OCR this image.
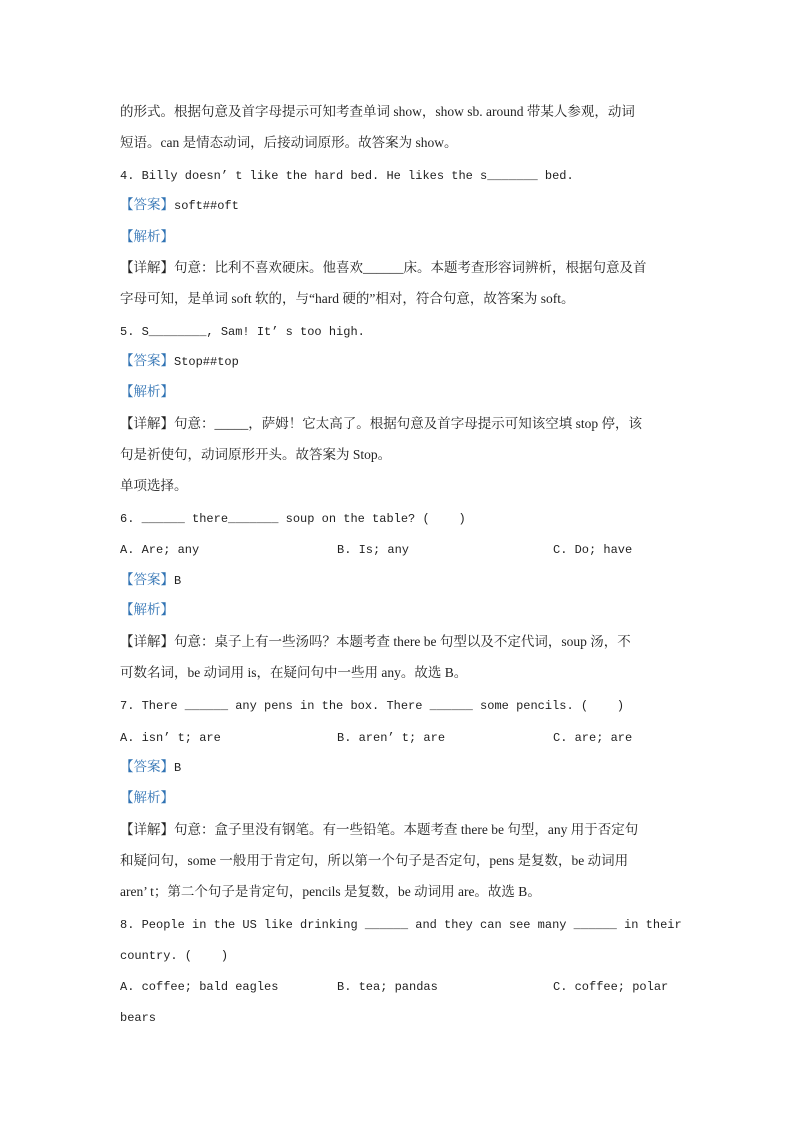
的形式。根据句意及首字母提示可知考查单词 show，show sb. around 带某人参观，动词
短语。can 是情态动词，后接动词原形。故答案为 show。
4. Billy doesn’ t like the hard bed. He likes the s_______ bed.
【答案】soft##oft
【解析】
【详解】句意：比利不喜欢硬床。他喜欢______床。本题考查形容词辨析，根据句意及首
字母可知，是单词 soft 软的，与“hard 硬的”相对，符合句意，故答案为 soft。
5. S________, Sam! It’ s too high.
【答案】Stop##top
【解析】
【详解】句意：_____，萨姆！它太高了。根据句意及首字母提示可知该空填 stop 停，该
句是祈使句，动词原形开头。故答案为 Stop。
单项选择。
6. ______ there_______ soup on the table? (    )
A. Are; any	B. Is; any	C. Do; have
【答案】B
【解析】
【详解】句意：桌子上有一些汤吗？本题考查 there be 句型以及不定代词，soup 汤，不
可数名词，be 动词用 is，在疑问句中一些用 any。故选 B。
7. There ______ any pens in the box. There ______ some pencils. (    )
A. isn’ t; are	B. aren’ t; are	C. are; are
【答案】B
【解析】
【详解】句意：盒子里没有钢笔。有一些铅笔。本题考查 there be 句型，any 用于否定句
和疑问句，some 一般用于肯定句，所以第一个句子是否定句，pens 是复数，be 动词用
aren’ t；第二个句子是肯定句，pencils 是复数，be 动词用 are。故选 B。
8. People in the US like drinking ______ and they can see many ______ in their
country. (    )
A. coffee; bald eagles	B. tea; pandas	C. coffee; polar
bears
